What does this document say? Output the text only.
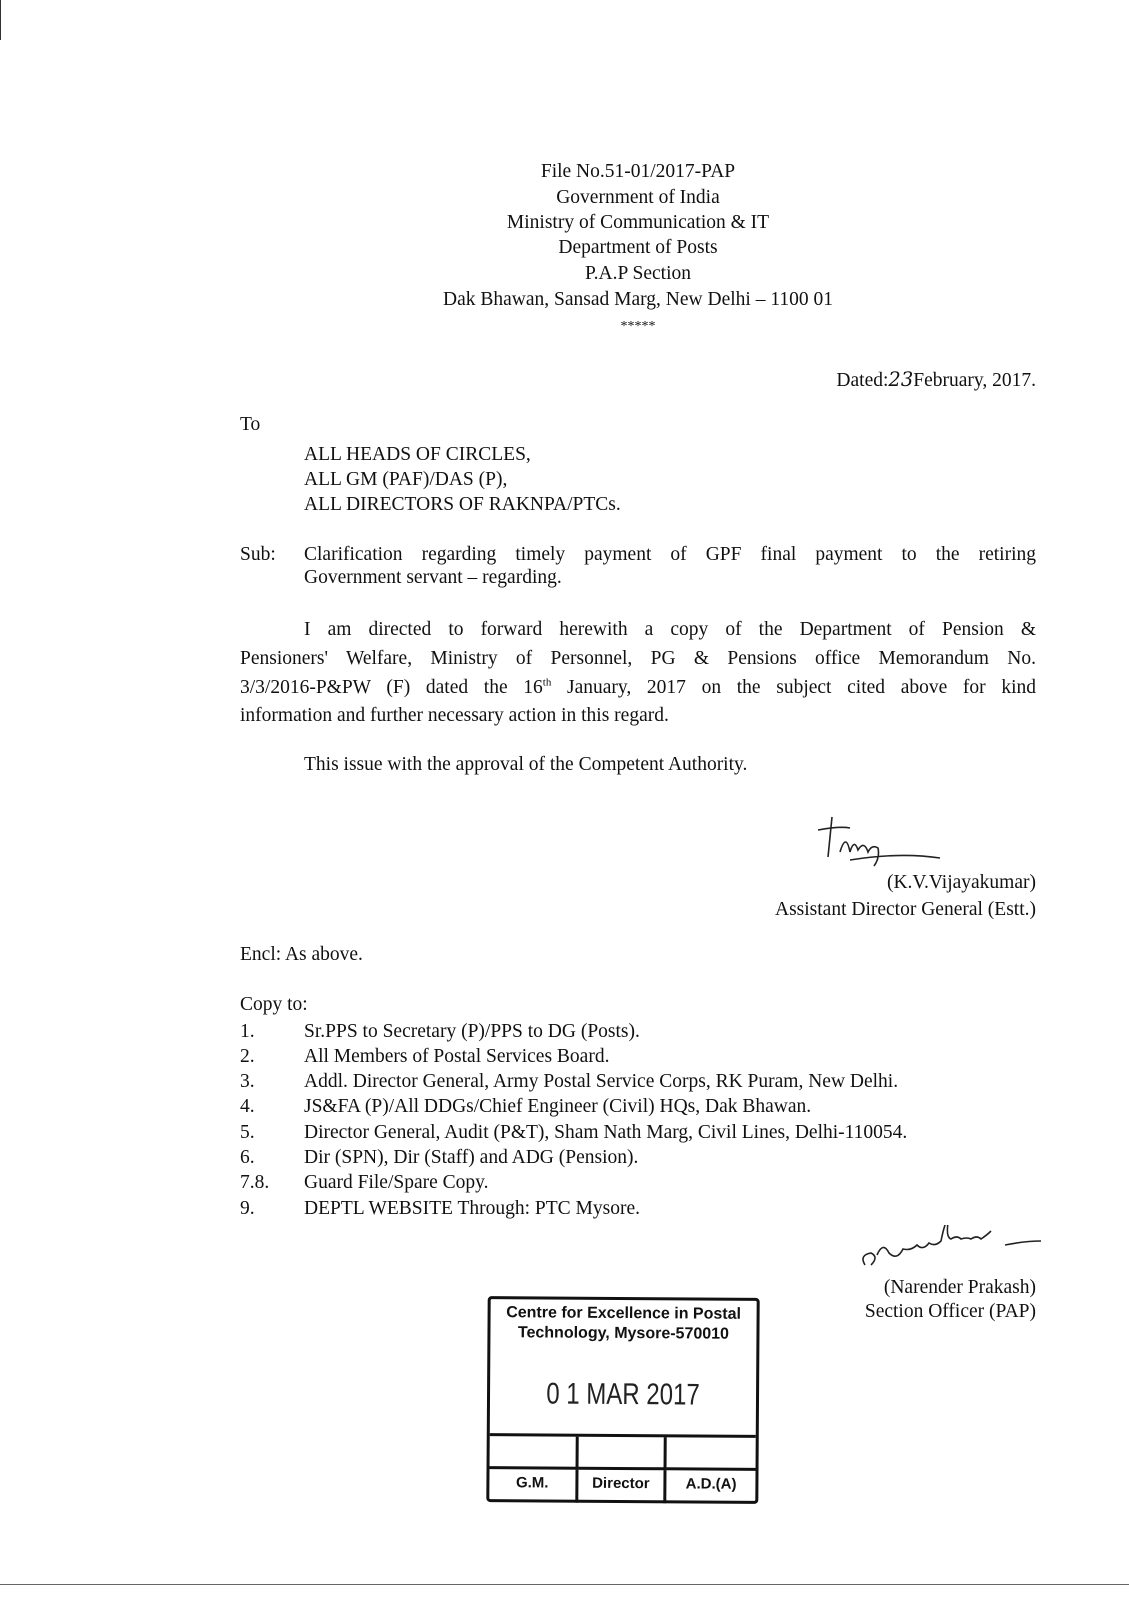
File No.51-01/2017-PAP
Government of India
Ministry of Communication & IT
Department of Posts
P.A.P Section
Dak Bhawan, Sansad Marg, New Delhi – 1100 01
*****
Dated:23February, 2017.
To
ALL HEADS OF CIRCLES,
ALL GM (PAF)/DAS (P),
ALL DIRECTORS OF RAKNPA/PTCs.
Sub: Clarification regarding timely payment of GPF final payment to the retiring
Government servant – regarding.
I am directed to forward herewith a copy of the Department of Pension &
Pensioners' Welfare, Ministry of Personnel, PG & Pensions office Memorandum No.
3/3/2016-P&PW (F) dated the 16th January, 2017 on the subject cited above for kind
information and further necessary action in this regard.
This issue with the approval of the Competent Authority.
(K.V.Vijayakumar)
Assistant Director General (Estt.)
Encl: As above.
Copy to:
1.	Sr.PPS to Secretary (P)/PPS to DG (Posts).
2.	All Members of Postal Services Board.
3.	Addl. Director General, Army Postal Service Corps, RK Puram, New Delhi.
4.	JS&FA (P)/All DDGs/Chief Engineer (Civil) HQs, Dak Bhawan.
5.	Director General, Audit (P&T), Sham Nath Marg, Civil Lines, Delhi-110054.
6.	Dir (SPN), Dir (Staff) and ADG (Pension).
7.8. Guard File/Spare Copy.
9.	DEPTL WEBSITE Through: PTC Mysore.
(Narender Prakash)
Section Officer (PAP)
Centre for Excellence in Postal
Technology, Mysore-570010
0 1 MAR 2017
G.M.	Director	A.D.(A)
